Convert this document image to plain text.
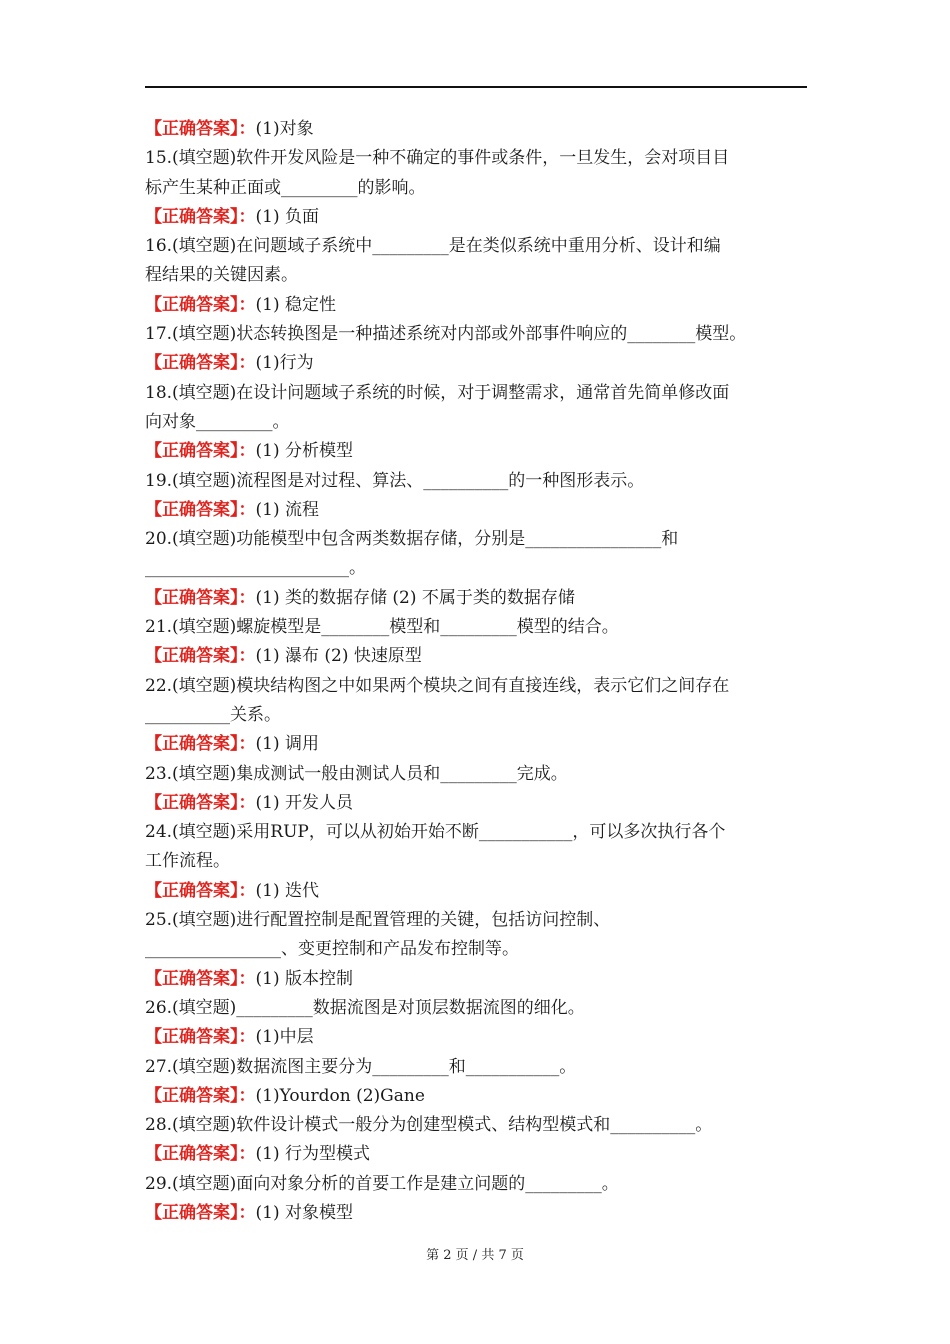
【正确答案】：(1)对象
15.(填空题)软件开发风险是一种不确定的事件或条件，一旦发生，会对项目目
标产生某种正面或_________的影响。
【正确答案】：(1) 负面
16.(填空题)在问题域子系统中_________是在类似系统中重用分析、设计和编
程结果的关键因素。
【正确答案】：(1) 稳定性
17.(填空题)状态转换图是一种描述系统对内部或外部事件响应的________模型。
【正确答案】：(1)行为
18.(填空题)在设计问题域子系统的时候，对于调整需求，通常首先简单修改面
向对象_________。
【正确答案】：(1) 分析模型
19.(填空题)流程图是对过程、算法、__________的一种图形表示。
【正确答案】：(1) 流程
20.(填空题)功能模型中包含两类数据存储，分别是________________和
________________________。
【正确答案】：(1) 类的数据存储 (2) 不属于类的数据存储
21.(填空题)螺旋模型是________模型和_________模型的结合。
【正确答案】：(1) 瀑布 (2) 快速原型
22.(填空题)模块结构图之中如果两个模块之间有直接连线，表示它们之间存在
__________关系。
【正确答案】：(1) 调用
23.(填空题)集成测试一般由测试人员和_________完成。
【正确答案】：(1) 开发人员
24.(填空题)采用RUP，可以从初始开始不断___________，可以多次执行各个
工作流程。
【正确答案】：(1) 迭代
25.(填空题)进行配置控制是配置管理的关键，包括访问控制、
________________、变更控制和产品发布控制等。
【正确答案】：(1) 版本控制
26.(填空题)_________数据流图是对顶层数据流图的细化。
【正确答案】：(1)中层
27.(填空题)数据流图主要分为_________和___________。
【正确答案】：(1)Yourdon (2)Gane
28.(填空题)软件设计模式一般分为创建型模式、结构型模式和__________。
【正确答案】：(1) 行为型模式
29.(填空题)面向对象分析的首要工作是建立问题的_________。
【正确答案】：(1) 对象模型
第 2 页 / 共 7 页
